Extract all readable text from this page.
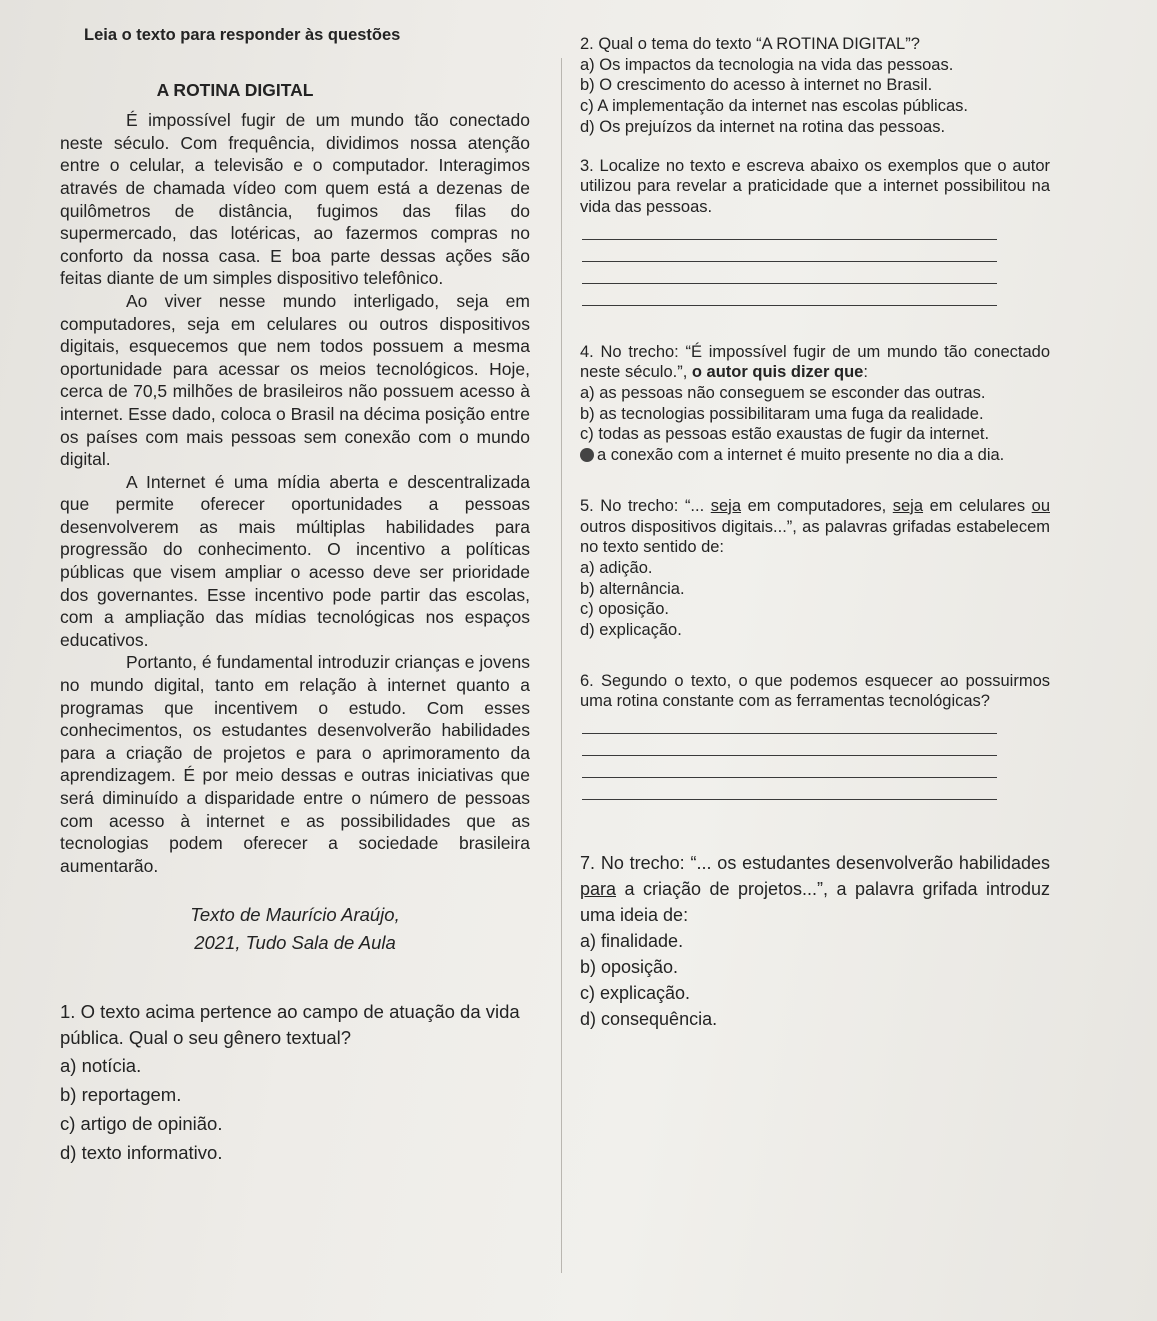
Leia o texto para responder às questões

A ROTINA DIGITAL

É impossível fugir de um mundo tão conectado neste século. Com frequência, dividimos nossa atenção entre o celular, a televisão e o computador. Interagimos através de chamada vídeo com quem está a dezenas de quilômetros de distância, fugimos das filas do supermercado, das lotéricas, ao fazermos compras no conforto da nossa casa. E boa parte dessas ações são feitas diante de um simples dispositivo telefônico.

Ao viver nesse mundo interligado, seja em computadores, seja em celulares ou outros dispositivos digitais, esquecemos que nem todos possuem a mesma oportunidade para acessar os meios tecnológicos. Hoje, cerca de 70,5 milhões de brasileiros não possuem acesso à internet. Esse dado, coloca o Brasil na décima posição entre os países com mais pessoas sem conexão com o mundo digital.

A Internet é uma mídia aberta e descentralizada que permite oferecer oportunidades a pessoas desenvolverem as mais múltiplas habilidades para progressão do conhecimento. O incentivo a políticas públicas que visem ampliar o acesso deve ser prioridade dos governantes. Esse incentivo pode partir das escolas, com a ampliação das mídias tecnológicas nos espaços educativos.

Portanto, é fundamental introduzir crianças e jovens no mundo digital, tanto em relação à internet quanto a programas que incentivem o estudo. Com esses conhecimentos, os estudantes desenvolverão habilidades para a criação de projetos e para o aprimoramento da aprendizagem. É por meio dessas e outras iniciativas que será diminuído a disparidade entre o número de pessoas com acesso à internet e as possibilidades que as tecnologias podem oferecer a sociedade brasileira aumentarão.

Texto de Maurício Araújo,
2021, Tudo Sala de Aula

1. O texto acima pertence ao campo de atuação da vida pública. Qual o seu gênero textual?

a) notícia.

b) reportagem.

c) artigo de opinião.

d) texto informativo.

2. Qual o tema do texto “A ROTINA DIGITAL”?

a) Os impactos da tecnologia na vida das pessoas.

b) O crescimento do acesso à internet no Brasil.

c) A implementação da internet nas escolas públicas.

d) Os prejuízos da internet na rotina das pessoas.

3. Localize no texto e escreva abaixo os exemplos que o autor utilizou para revelar a praticidade que a internet possibilitou na vida das pessoas.

4. No trecho: “É impossível fugir de um mundo tão conectado neste século.”, o autor quis dizer que:

a) as pessoas não conseguem se esconder das outras.

b) as tecnologias possibilitaram uma fuga da realidade.

c) todas as pessoas estão exaustas de fugir da internet.

a conexão com a internet é muito presente no dia a dia.

5. No trecho: “... seja em computadores, seja em celulares ou outros dispositivos digitais...”, as palavras grifadas estabelecem no texto sentido de:

a) adição.

b) alternância.

c) oposição.

d) explicação.

6. Segundo o texto, o que podemos esquecer ao possuirmos uma rotina constante com as ferramentas tecnológicas?

7. No trecho: “... os estudantes desenvolverão habilidades para a criação de projetos...”, a palavra grifada introduz uma ideia de:

a) finalidade.

b) oposição.

c) explicação.

d) consequência.
